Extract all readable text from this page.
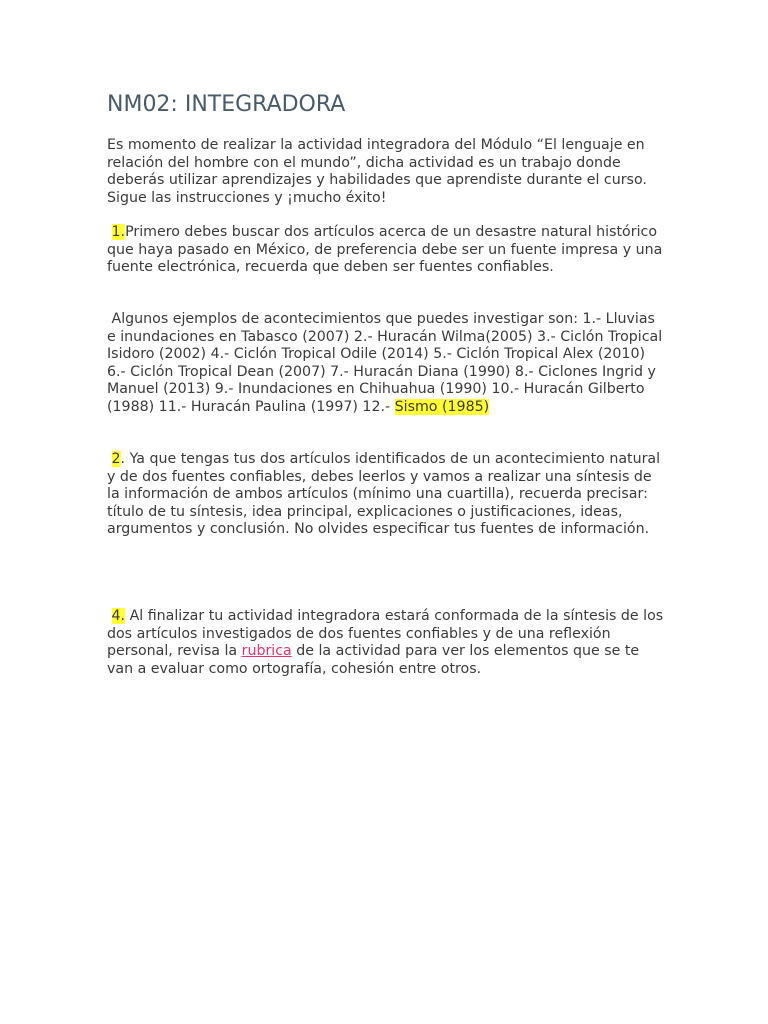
NM02: INTEGRADORA

Es momento de realizar la actividad integradora del Módulo “El lenguaje en relación del hombre con el mundo”, dicha actividad es un trabajo donde deberás utilizar aprendizajes y habilidades que aprendiste durante el curso. Sigue las instrucciones y ¡mucho éxito!

1.Primero debes buscar dos artículos acerca de un desastre natural histórico que haya pasado en México, de preferencia debe ser un fuente impresa y una fuente electrónica, recuerda que deben ser fuentes confiables.

Algunos ejemplos de acontecimientos que puedes investigar son: 1.- Lluvias e inundaciones en Tabasco (2007) 2.- Huracán Wilma(2005) 3.- Ciclón Tropical Isidoro (2002) 4.- Ciclón Tropical Odile (2014) 5.- Ciclón Tropical Alex (2010) 6.- Ciclón Tropical Dean (2007) 7.- Huracán Diana (1990) 8.- Ciclones Ingrid y Manuel (2013) 9.- Inundaciones en Chihuahua (1990) 10.- Huracán Gilberto (1988) 11.- Huracán Paulina (1997) 12.- Sismo (1985)

2. Ya que tengas tus dos artículos identificados de un acontecimiento natural y de dos fuentes confiables, debes leerlos y vamos a realizar una síntesis de la información de ambos artículos (mínimo una cuartilla), recuerda precisar: título de tu síntesis, idea principal, explicaciones o justificaciones, ideas, argumentos y conclusión. No olvides especificar tus fuentes de información.

4. Al finalizar tu actividad integradora estará conformada de la síntesis de los dos artículos investigados de dos fuentes confiables y de una reflexión personal, revisa la rubrica de la actividad para ver los elementos que se te van a evaluar como ortografía, cohesión entre otros.
